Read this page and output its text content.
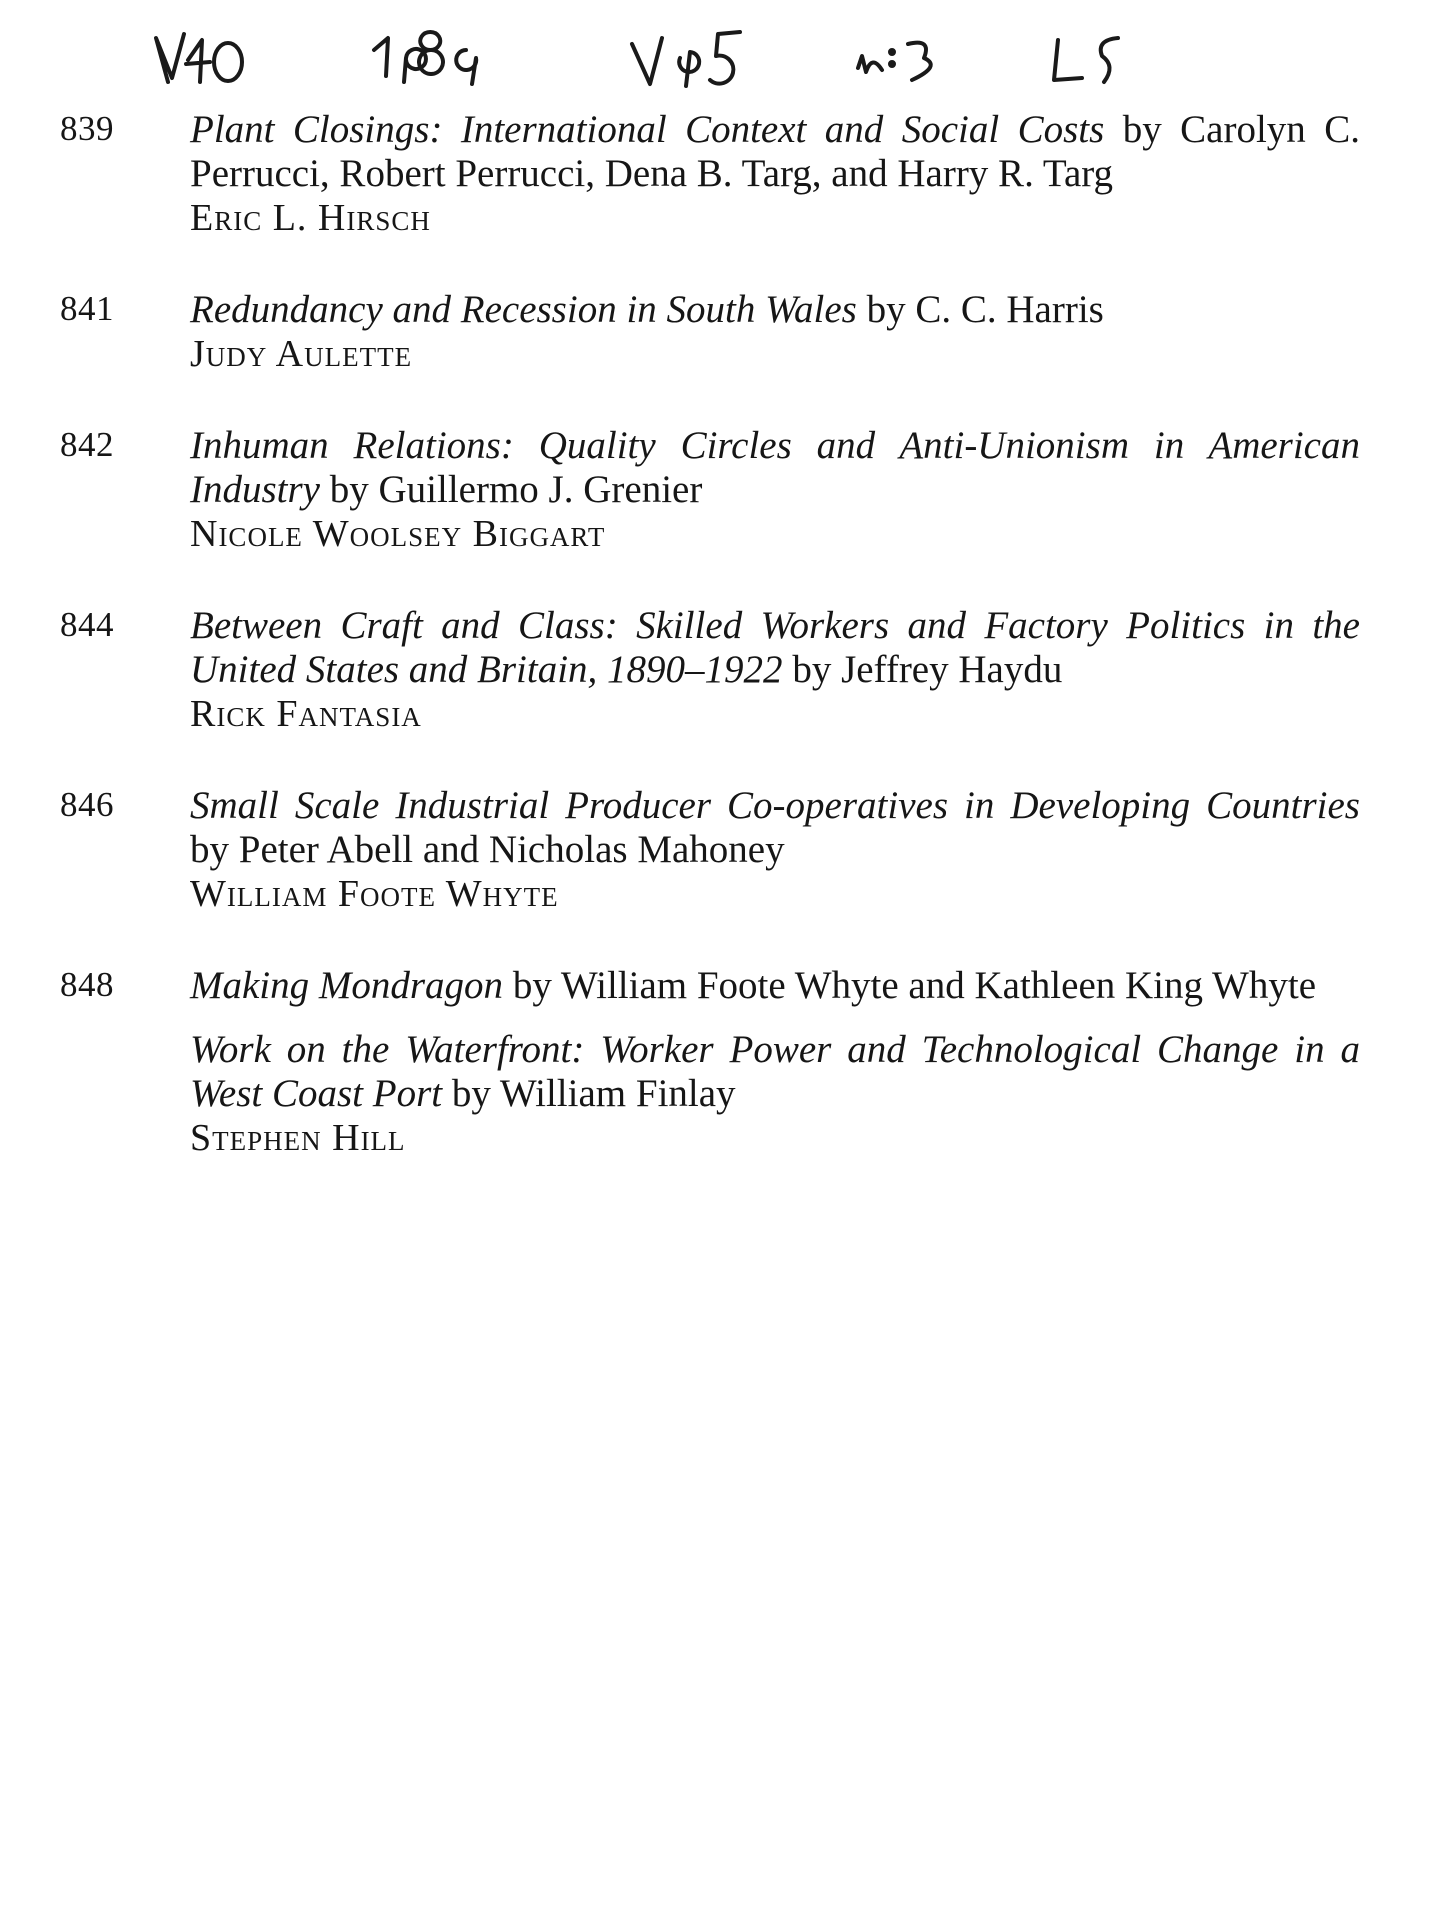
839	Plant Closings: International Context and Social Costs by Carolyn C. Perrucci, Robert Perrucci, Dena B. Targ, and Harry R. Targ
Eric L. Hirsch
841	Redundancy and Recession in South Wales by C. C. Harris
Judy Aulette
842	Inhuman Relations: Quality Circles and Anti-Unionism in American Industry by Guillermo J. Grenier
Nicole Woolsey Biggart
844	Between Craft and Class: Skilled Workers and Factory Politics in the United States and Britain, 1890–1922 by Jeffrey Haydu
Rick Fantasia
846	Small Scale Industrial Producer Co-operatives in Developing Countries by Peter Abell and Nicholas Mahoney
William Foote Whyte
848	Making Mondragon by William Foote Whyte and Kathleen King Whyte
Work on the Waterfront: Worker Power and Technological Change in a West Coast Port by William Finlay
Stephen Hill
